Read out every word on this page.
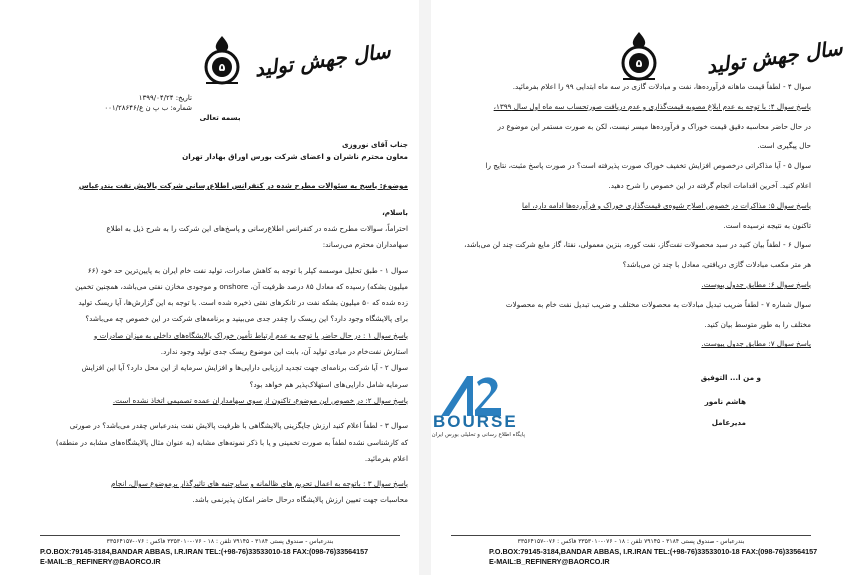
۵ سال جهش تولید
تاریخ: ۱۳۹۹/۰۴/۲۴
شماره: ب پ ن ع/۰۰۱/۲۸۶۴۶
بسمه تعالی
جناب آقای نوروزی
معاون محترم ناشران و اعضای شرکت بورس اوراق بهادار تهران
موضوع: پاسخ به سئوالات مطرح شده در کنفرانس اطلاع‌رسانی شرکت پالایش نفت بندرعباس
باسلام،
احتراماً، سوالات مطرح شده در کنفرانس اطلاع‌رسانی و پاسخ‌های این شرکت را به شرح ذیل به اطلاع
سهامداران محترم می‌رساند:
سوال ۱ - طبق تحلیل موسسه کپلر با توجه به کاهش صادرات، تولید نفت خام ایران به پایین‌ترین حد خود (۶۶
میلیون بشکه) رسیده که معادل ۸۵ درصد ظرفیت آن، onshore و موجودی مخازن نفتی می‌باشد، همچنین تخمین
زده شده که ۵۰ میلیون بشکه نفت در تانکرهای نفتی ذخیره شده است. با توجه به این گزارش‌ها، آیا ریسک تولید
برای پالایشگاه وجود دارد؟ این ریسک را چقدر جدی می‌بینید و برنامه‌های شرکت در این خصوص چه می‌باشد؟
پاسخ سوال ۱ : در حال حاضر با توجه به عدم ارتباط تأمین خوراک پالایشگاه‌های داخلی به میزان صادرات و
استارش نفت‌خام در مبادی تولید آن، بابت این موضوع ریسک جدی تولید وجود ندارد.
سوال ۲ - آیا شرکت برنامه‌ای جهت تجدید ارزیابی دارایی‌ها و افزایش سرمایه از این محل دارد؟ آیا این افزایش
سرمایه شامل دارایی‌های استهلاک‌پذیر هم خواهد بود؟
پاسخ سوال ۲: در خصوص این موضوع، تاکنون از سوی سهامداران عمده تصمیمی اتخاذ نشده است.
سوال ۳ - لطفاً اعلام کنید ارزش جایگزینی پالایشگاهی با ظرفیت پالایش نفت بندرعباس چقدر می‌باشد؟ در صورتی
که کارشناسی نشده لطفاً به صورت تخمینی و یا با ذکر نمونه‌های مشابه (به عنوان مثال پالایشگاه‌های مشابه در منطقه)
اعلام بفرمائید.
پاسخ سوال ۳ : باتوجه به اعمال تحریم های ظالمانه و سایرجنبه های تاثیرگذار برموضوع سوال، انجام
محاسبات جهت تعیین ارزش پالایشگاه درحال حاضر امکان پذیرنمی باشد.
بندرعباس - صندوق پستی ۳۱۸۴ - ۷۹۱۴۵ تلفن : ۱۸ - ۰۷۶-۳۳۵۳۰۱۰ فاکس : ۰۷۶-۳۳۵۶۴۱۵۷
P.O.BOX:79145-3184,BANDAR ABBAS, I.R.IRAN TEL:(+98-76)33533010-18 FAX:(098-76)33564157
E-MAIL:B_REFINERY@BAORCO.IR
۵	سال جهش تولید
سوال ۴ - لطفاً قیمت ماهانه فرآورده‌ها، نفت و مبادلات گازی در سه ماه ابتدایی ۹۹ را اعلام بفرمائید.
پاسخ سوال ۴: با توجه به عدم ابلاغ مصوبه قیمت‌گذاری و عدم دریافت صورتحساب سه ماه اول سال ۱۳۹۹،
در حال حاضر محاسبه دقیق قیمت خوراک و فرآورده‌ها میسر نیست، لکن به صورت مستمر این موضوع در
حال پیگیری است.
سوال ۵ - آیا مذاکراتی درخصوص افزایش تخفیف خوراک صورت پذیرفته است؟ در صورت پاسخ مثبت، نتایج را
اعلام کنید. آخرین اقدامات انجام گرفته در این خصوص را شرح دهید.
پاسخ سوال ۵: مذاکرات در خصوص اصلاح شیوه‌ی قیمت‌گذاری خوراک و فرآورده‌ها ادامه دارد، اما
تاکنون به نتیجه نرسیده است.
سوال ۶ - لطفاً بیان کنید در سبد محصولات نفت‌گاز، نفت کوره، بنزین معمولی، نفتا، گاز مایع شرکت چند لن می‌باشد،
هر متر مکعب مبادلات گازی دریافتی، معادل با چند تن می‌باشد؟
پاسخ سوال ۶: مطابق جدول پیوست.
سوال شماره ۷ - لطفاً ضریب تبدیل مبادلات به محصولات مختلف و ضریب تبدیل نفت خام به محصولات
مختلف را به طور متوسط بیان کنید.
پاسخ سوال ۷: مطابق جدول پیوست.
و من ا... التوفیق
هاشم نامور
مدیرعامل
BOURSE
پایگاه اطلاع رسانی و تحلیلی بورس ایران
بندرعباس - صندوق پستی ۳۱۸۴ - ۷۹۱۴۵ تلفن : ۱۸ - ۰۷۶-۳۳۵۳۰۱۰ فاکس : ۰۷۶-۳۳۵۶۴۱۵۷
P.O.BOX:79145-3184,BANDAR ABBAS, I.R.IRAN TEL:(+98-76)33533010-18 FAX:(098-76)33564157
E-MAIL:B_REFINERY@BAORCO.IR
